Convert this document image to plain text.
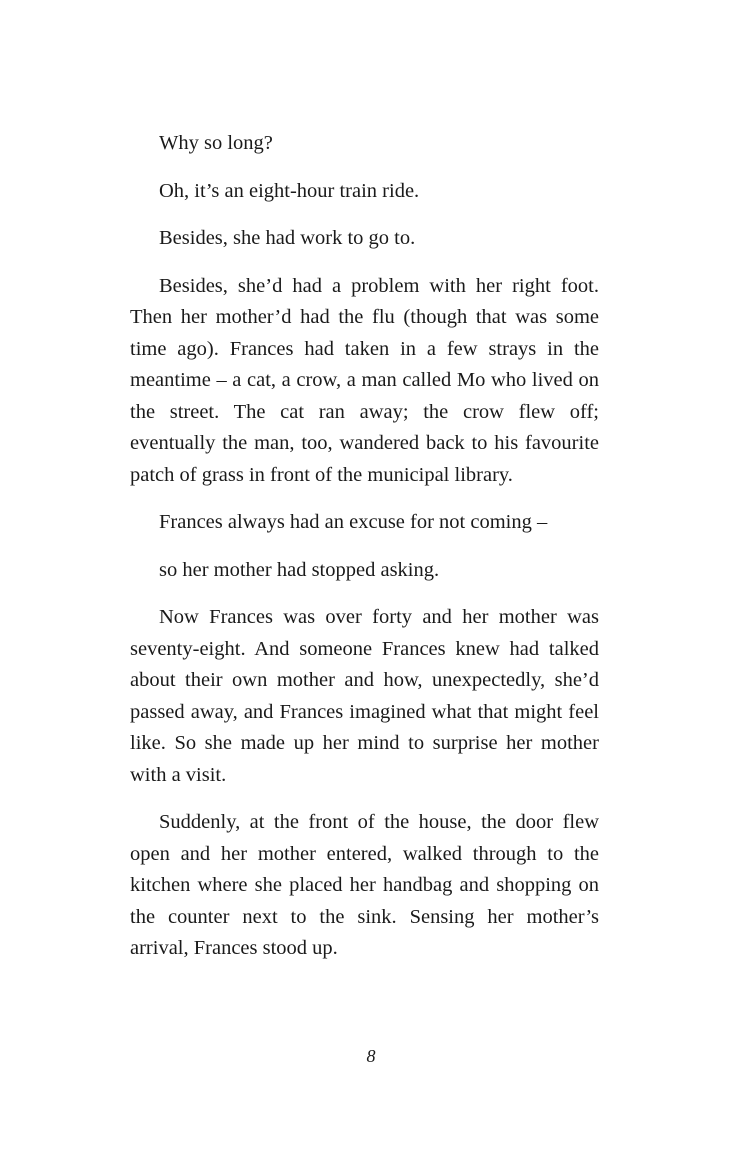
Why so long?

Oh, it’s an eight-hour train ride.

Besides, she had work to go to.

Besides, she’d had a problem with her right foot. Then her mother’d had the flu (though that was some time ago). Frances had taken in a few strays in the meantime – a cat, a crow, a man called Mo who lived on the street. The cat ran away; the crow flew off; eventually the man, too, wandered back to his favourite patch of grass in front of the municipal library.

Frances always had an excuse for not coming –

so her mother had stopped asking.

Now Frances was over forty and her mother was seventy-eight. And someone Frances knew had talked about their own mother and how, unexpectedly, she’d passed away, and Frances imagined what that might feel like. So she made up her mind to surprise her mother with a visit.

Suddenly, at the front of the house, the door flew open and her mother entered, walked through to the kitchen where she placed her handbag and shopping on the counter next to the sink. Sensing her mother’s arrival, Frances stood up.

8
